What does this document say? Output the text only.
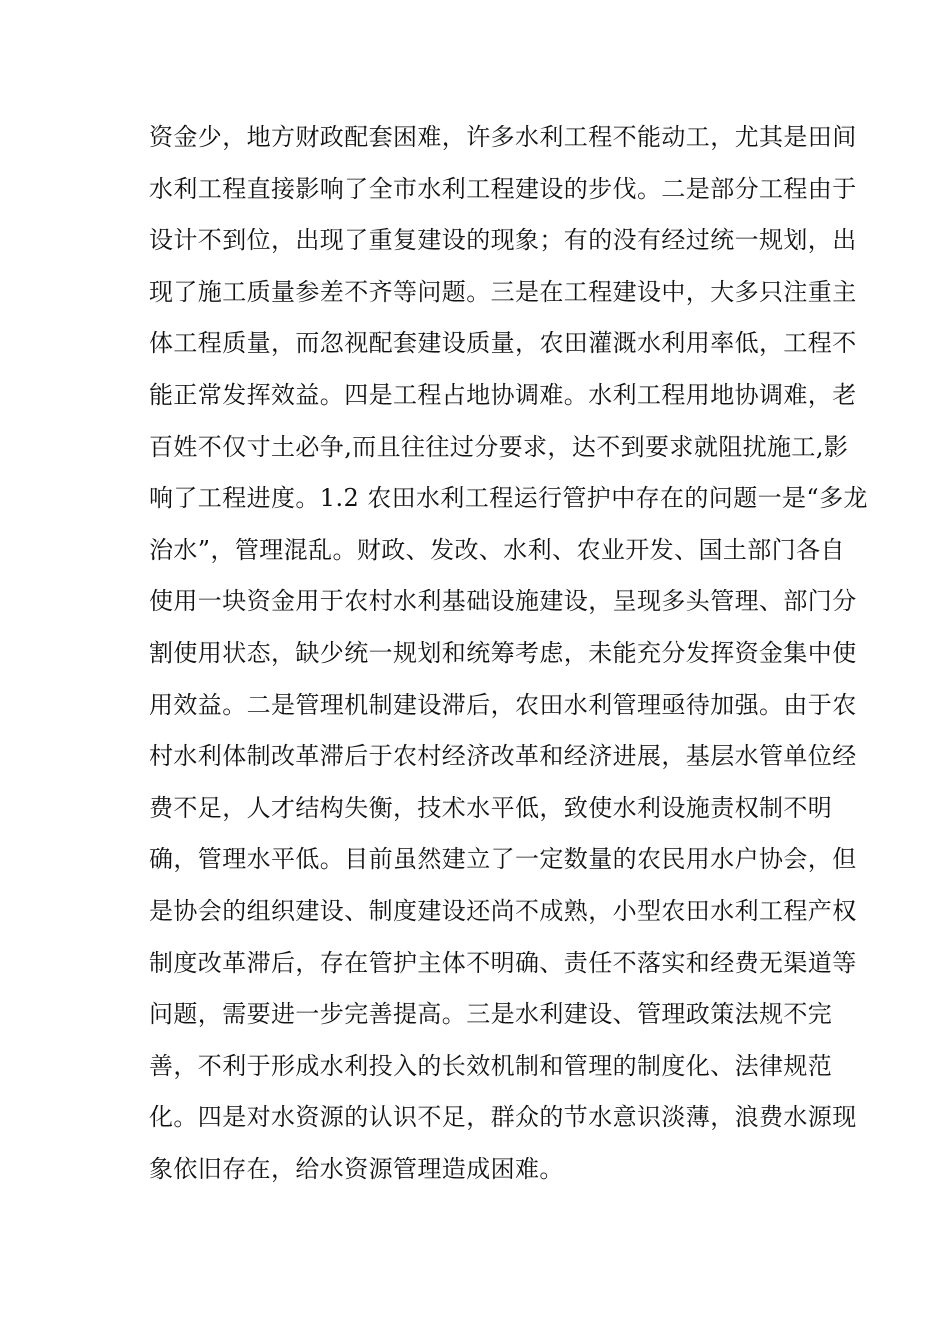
资金少，地方财政配套困难，许多水利工程不能动工，尤其是田间
水利工程直接影响了全市水利工程建设的步伐。二是部分工程由于
设计不到位，出现了重复建设的现象；有的没有经过统一规划，出
现了施工质量参差不齐等问题。三是在工程建设中，大多只注重主
体工程质量，而忽视配套建设质量，农田灌溉水利用率低，工程不
能正常发挥效益。四是工程占地协调难。水利工程用地协调难，老
百姓不仅寸土必争,而且往往过分要求，达不到要求就阻扰施工,影
响了工程进度。1.2 农田水利工程运行管护中存在的问题一是“多龙
治水”，管理混乱。财政、发改、水利、农业开发、国土部门各自
使用一块资金用于农村水利基础设施建设，呈现多头管理、部门分
割使用状态，缺少统一规划和统筹考虑，未能充分发挥资金集中使
用效益。二是管理机制建设滞后，农田水利管理亟待加强。由于农
村水利体制改革滞后于农村经济改革和经济进展，基层水管单位经
费不足，人才结构失衡，技术水平低，致使水利设施责权制不明
确，管理水平低。目前虽然建立了一定数量的农民用水户协会，但
是协会的组织建设、制度建设还尚不成熟，小型农田水利工程产权
制度改革滞后，存在管护主体不明确、责任不落实和经费无渠道等
问题，需要进一步完善提高。三是水利建设、管理政策法规不完
善，不利于形成水利投入的长效机制和管理的制度化、法律规范
化。四是对水资源的认识不足，群众的节水意识淡薄，浪费水源现
象依旧存在，给水资源管理造成困难。
